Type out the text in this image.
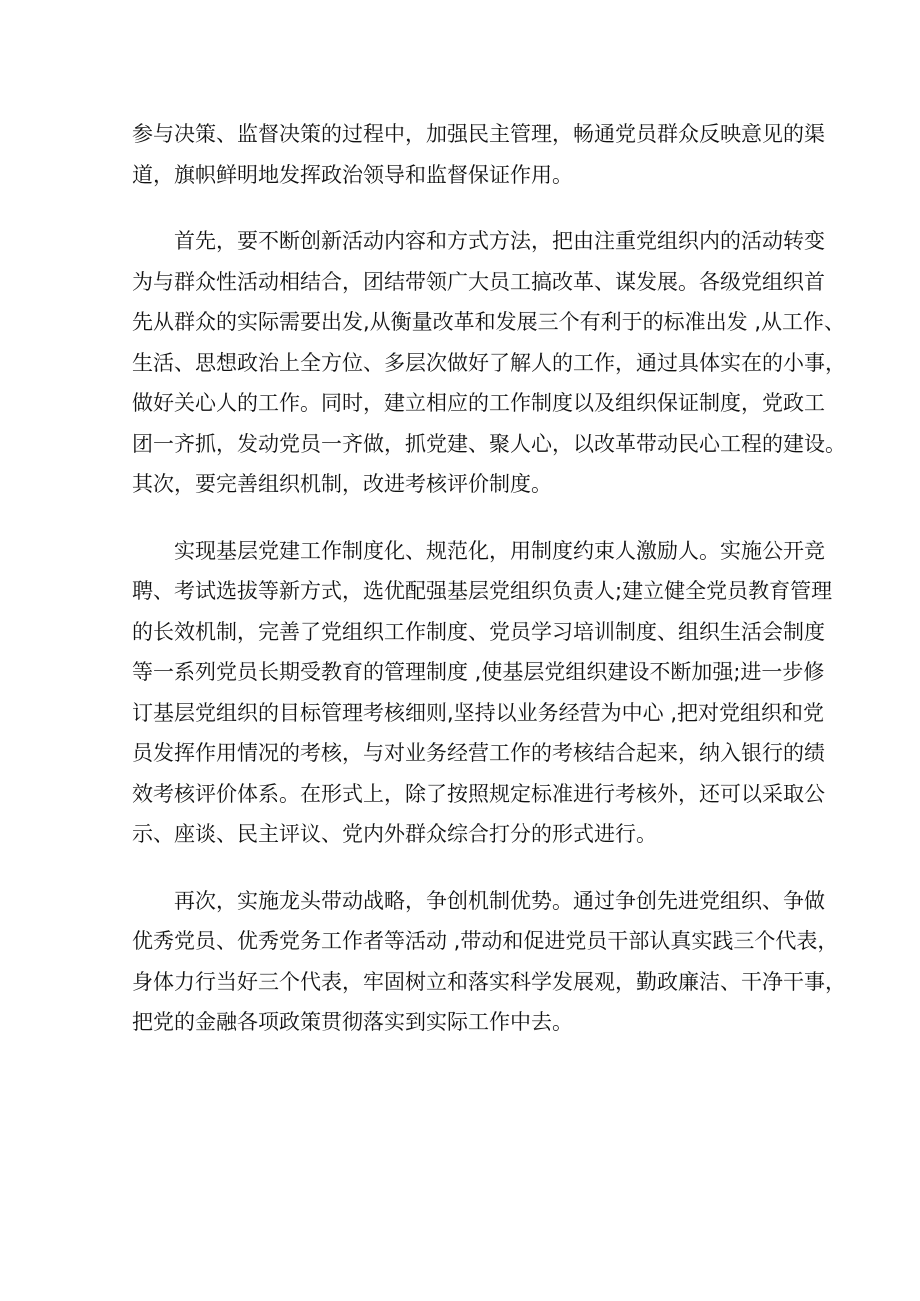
参与决策、监督决策的过程中，加强民主管理，畅通党员群众反映意见的渠
道，旗帜鲜明地发挥政治领导和监督保证作用。
首先，要不断创新活动内容和方式方法，把由注重党组织内的活动转变
为与群众性活动相结合，团结带领广大员工搞改革、谋发展。各级党组织首
先从群众的实际需要出发,从衡量改革和发展三个有利于的标准出发 ,从工作、
生活、思想政治上全方位、多层次做好了解人的工作，通过具体实在的小事，
做好关心人的工作。同时，建立相应的工作制度以及组织保证制度，党政工
团一齐抓，发动党员一齐做，抓党建、聚人心，以改革带动民心工程的建设。
其次，要完善组织机制，改进考核评价制度。
实现基层党建工作制度化、规范化，用制度约束人激励人。实施公开竞
聘、考试选拔等新方式，选优配强基层党组织负责人;建立健全党员教育管理
的长效机制，完善了党组织工作制度、党员学习培训制度、组织生活会制度
等一系列党员长期受教育的管理制度 ,使基层党组织建设不断加强;进一步修
订基层党组织的目标管理考核细则,坚持以业务经营为中心 ,把对党组织和党
员发挥作用情况的考核，与对业务经营工作的考核结合起来，纳入银行的绩
效考核评价体系。在形式上，除了按照规定标准进行考核外，还可以采取公
示、座谈、民主评议、党内外群众综合打分的形式进行。
再次，实施龙头带动战略，争创机制优势。通过争创先进党组织、争做
优秀党员、优秀党务工作者等活动 ,带动和促进党员干部认真实践三个代表，
身体力行当好三个代表，牢固树立和落实科学发展观，勤政廉洁、干净干事，
把党的金融各项政策贯彻落实到实际工作中去。
